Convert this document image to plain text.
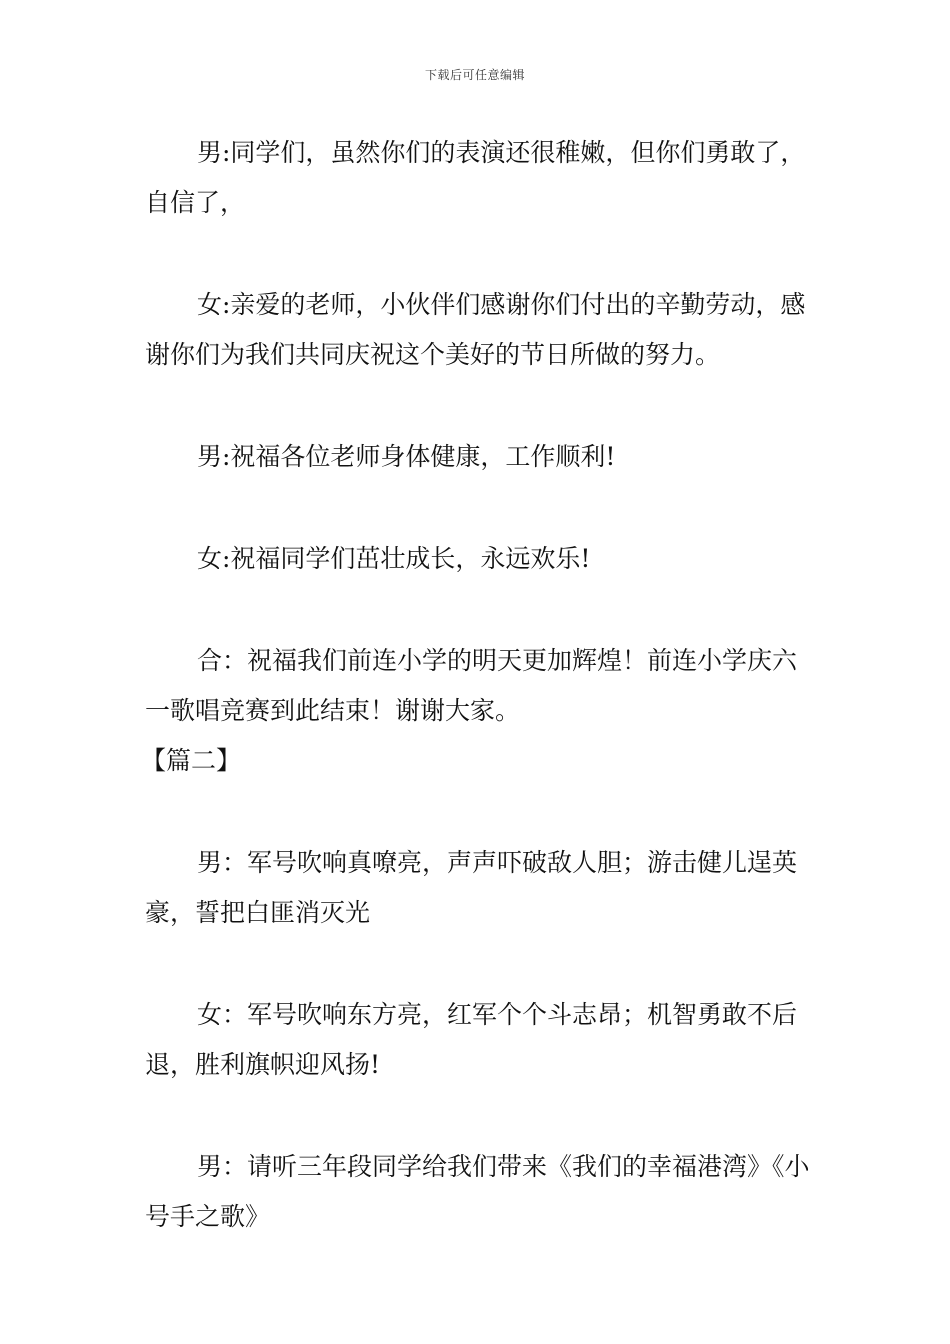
下载后可任意编辑

男:同学们，虽然你们的表演还很稚嫩，但你们勇敢了，自信了，

女:亲爱的老师，小伙伴们感谢你们付出的辛勤劳动，感谢你们为我们共同庆祝这个美好的节日所做的努力。

男:祝福各位老师身体健康，工作顺利!

女:祝福同学们茁壮成长，永远欢乐!

合：祝福我们前连小学的明天更加辉煌！前连小学庆六一歌唱竞赛到此结束！谢谢大家。

【篇二】

男：军号吹响真嘹亮，声声吓破敌人胆；游击健儿逞英豪，誓把白匪消灭光

女：军号吹响东方亮，红军个个斗志昂；机智勇敢不后退，胜利旗帜迎风扬!

男：请听三年段同学给我们带来《我们的幸福港湾》《小号手之歌》
